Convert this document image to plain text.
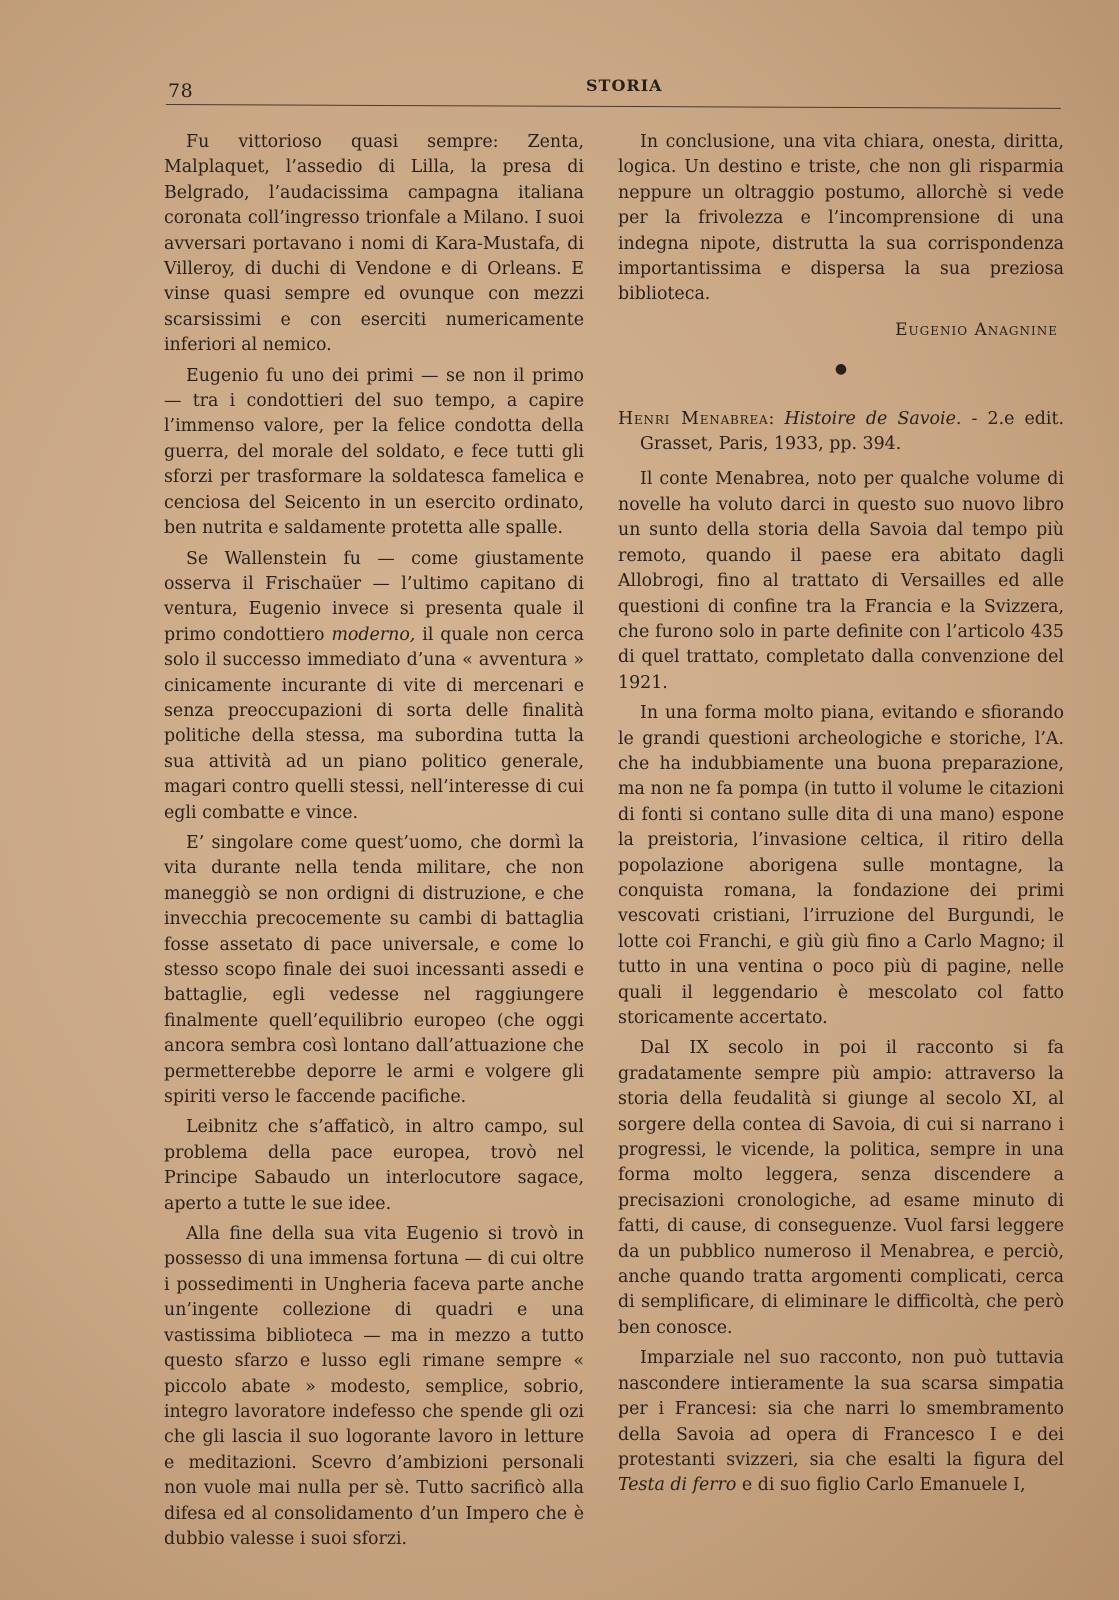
78	STORIA

Fu vittorioso quasi sempre: Zenta, Malplaquet, l’assedio di Lilla, la presa di Belgrado, l’audacissima campagna italiana coronata coll’ingresso trionfale a Milano. I suoi avversari portavano i nomi di Kara-Mustafa, di Villeroy, di duchi di Vendone e di Orleans. E vinse quasi sempre ed ovunque con mezzi scarsissimi e con eserciti numericamente inferiori al nemico.

Eugenio fu uno dei primi — se non il primo — tra i condottieri del suo tempo, a capire l’immenso valore, per la felice condotta della guerra, del morale del soldato, e fece tutti gli sforzi per trasformare la soldatesca famelica e cenciosa del Seicento in un esercito ordinato, ben nutrita e saldamente protetta alle spalle.

Se Wallenstein fu — come giustamente osserva il Frischaüer — l’ultimo capitano di ventura, Eugenio invece si presenta quale il primo condottiero moderno, il quale non cerca solo il successo immediato d’una « avventura » cinicamente incurante di vite di mercenari e senza preoccupazioni di sorta delle finalità politiche della stessa, ma subordina tutta la sua attività ad un piano politico generale, magari contro quelli stessi, nell’interesse di cui egli combatte e vince.

E’ singolare come quest’uomo, che dormì la vita durante nella tenda militare, che non maneggiò se non ordigni di distruzione, e che invecchia precocemente su cambi di battaglia fosse assetato di pace universale, e come lo stesso scopo finale dei suoi incessanti assedi e battaglie, egli vedesse nel raggiungere finalmente quell’equilibrio europeo (che oggi ancora sembra così lontano dall’attuazione che permetterebbe deporre le armi e volgere gli spiriti verso le faccende pacifiche.

Leibnitz che s’affaticò, in altro campo, sul problema della pace europea, trovò nel Principe Sabaudo un interlocutore sagace, aperto a tutte le sue idee.

Alla fine della sua vita Eugenio si trovò in possesso di una immensa fortuna — di cui oltre i possedimenti in Ungheria faceva parte anche un’ingente collezione di quadri e una vastissima biblioteca — ma in mezzo a tutto questo sfarzo e lusso egli rimane sempre « piccolo abate » modesto, semplice, sobrio, integro lavoratore indefesso che spende gli ozi che gli lascia il suo logorante lavoro in letture e meditazioni. Scevro d’ambizioni personali non vuole mai nulla per sè. Tutto sacrificò alla difesa ed al consolidamento d’un Impero che è dubbio valesse i suoi sforzi.

In conclusione, una vita chiara, onesta, diritta, logica. Un destino e triste, che non gli risparmia neppure un oltraggio postumo, allorchè si vede per la frivolezza e l’incomprensione di una indegna nipote, distrutta la sua corrispondenza importantissima e dispersa la sua preziosa biblioteca.

Eugenio Anagnine
●
Henri Menabrea: Histoire de Savoie. - 2.e edit. Grasset, Paris, 1933, pp. 394.

Il conte Menabrea, noto per qualche volume di novelle ha voluto darci in questo suo nuovo libro un sunto della storia della Savoia dal tempo più remoto, quando il paese era abitato dagli Allobrogi, fino al trattato di Versailles ed alle questioni di confine tra la Francia e la Svizzera, che furono solo in parte definite con l’articolo 435 di quel trattato, completato dalla convenzione del 1921.

In una forma molto piana, evitando e sfiorando le grandi questioni archeologiche e storiche, l’A. che ha indubbiamente una buona preparazione, ma non ne fa pompa (in tutto il volume le citazioni di fonti si contano sulle dita di una mano) espone la preistoria, l’invasione celtica, il ritiro della popolazione aborigena sulle montagne, la conquista romana, la fondazione dei primi vescovati cristiani, l’irruzione del Burgundi, le lotte coi Franchi, e giù giù fino a Carlo Magno; il tutto in una ventina o poco più di pagine, nelle quali il leggendario è mescolato col fatto storicamente accertato.

Dal IX secolo in poi il racconto si fa gradatamente sempre più ampio: attraverso la storia della feudalità si giunge al secolo XI, al sorgere della contea di Savoia, di cui si narrano i progressi, le vicende, la politica, sempre in una forma molto leggera, senza discendere a precisazioni cronologiche, ad esame minuto di fatti, di cause, di conseguenze. Vuol farsi leggere da un pubblico numeroso il Menabrea, e perciò, anche quando tratta argomenti complicati, cerca di semplificare, di eliminare le difficoltà, che però ben conosce.

Imparziale nel suo racconto, non può tuttavia nascondere intieramente la sua scarsa simpatia per i Francesi: sia che narri lo smembramento della Savoia ad opera di Francesco I e dei protestanti svizzeri, sia che esalti la figura del Testa di ferro e di suo figlio Carlo Emanuele I,
